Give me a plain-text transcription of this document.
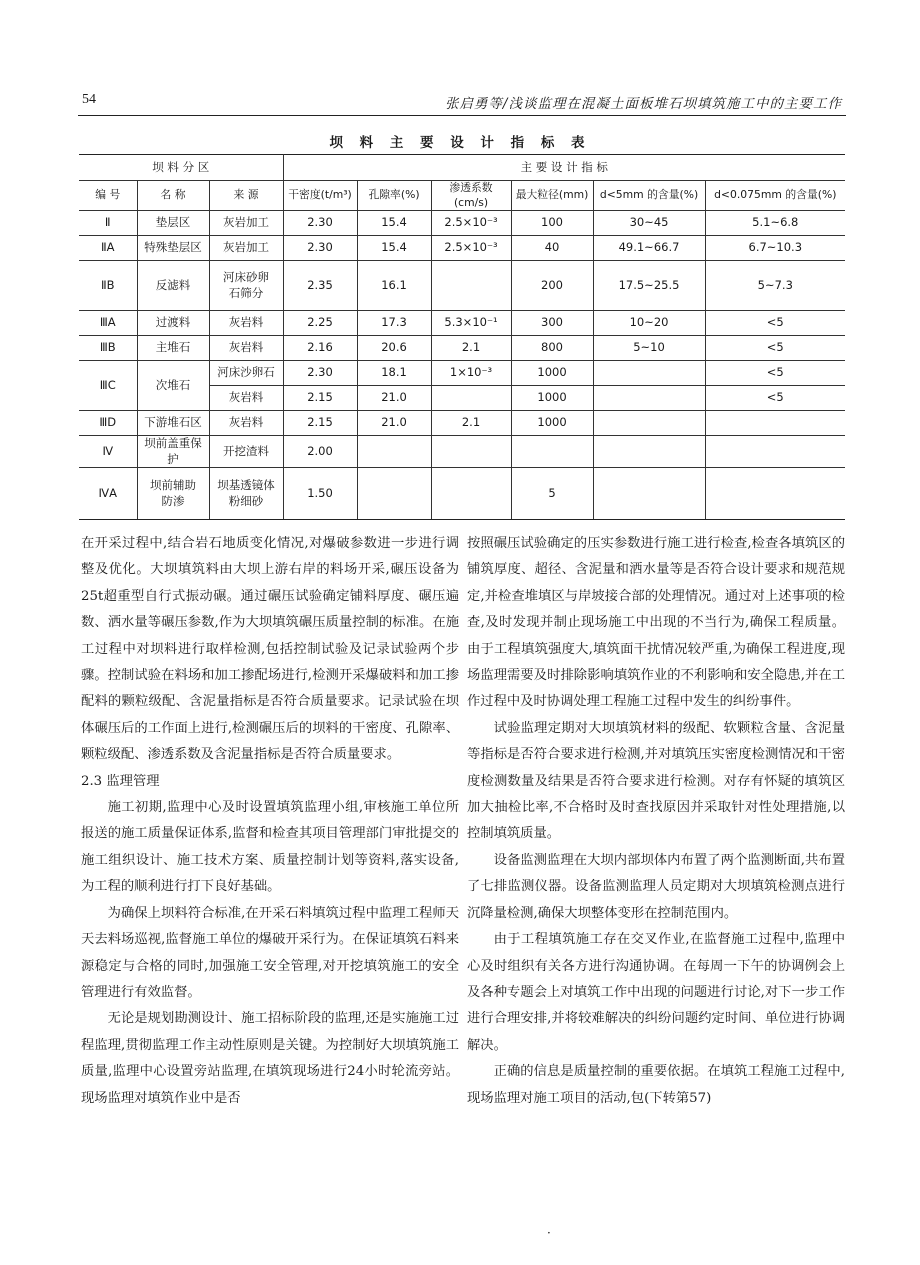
54	张启勇等/浅谈监理在混凝土面板堆石坝填筑施工中的主要工作
坝 料 主 要 设 计 指 标 表
坝 料 分 区			主 要 设 计 指 标					
编 号	名 称	来 源	干密度(t/m³)	孔隙率(%)	渗透系数(cm/s)	最大粒径(mm)	d<5mm 的含量(%)	d<0.075mm 的含量(%)
Ⅱ	垫层区	灰岩加工	2.30	15.4	2.5×10⁻³	100	30~45	5.1~6.8
ⅡA	特殊垫层区	灰岩加工	2.30	15.4	2.5×10⁻³	40	49.1~66.7	6.7~10.3
ⅡB	反滤料	河床砂卵石筛分	2.35	16.1		200	17.5~25.5	5~7.3
ⅢA	过渡料	灰岩料	2.25	17.3	5.3×10⁻¹	300	10~20	<5
ⅢB	主堆石	灰岩料	2.16	20.6	2.1	800	5~10	<5
ⅢC	次堆石	河床沙卵石	2.30	18.1	1×10⁻³	1000		<5
		灰岩料	2.15	21.0		1000		<5
ⅢD	下游堆石区	灰岩料	2.15	21.0	2.1	1000		
Ⅳ	坝前盖重保护	开挖渣料	2.00					
ⅣA	坝前辅助防渗	坝基透镜体粉细砂	1.50			5		

在开采过程中,结合岩石地质变化情况,对爆破参数进一步进行调整及优化。大坝填筑料由大坝上游右岸的料场开采,碾压设备为25t超重型自行式振动碾。通过碾压试验确定铺料厚度、碾压遍数、洒水量等碾压参数,作为大坝填筑碾压质量控制的标准。在施工过程中对坝料进行取样检测,包括控制试验及记录试验两个步骤。控制试验在料场和加工掺配场进行,检测开采爆破料和加工掺配料的颗粒级配、含泥量指标是否符合质量要求。记录试验在坝体碾压后的工作面上进行,检测碾压后的坝料的干密度、孔隙率、颗粒级配、渗透系数及含泥量指标是否符合质量要求。

2.3 监理管理

施工初期,监理中心及时设置填筑监理小组,审核施工单位所报送的施工质量保证体系,监督和检查其项目管理部门审批提交的施工组织设计、施工技术方案、质量控制计划等资料,落实设备,为工程的顺利进行打下良好基础。

为确保上坝料符合标准,在开采石料填筑过程中监理工程师天天去料场巡视,监督施工单位的爆破开采行为。在保证填筑石料来源稳定与合格的同时,加强施工安全管理,对开挖填筑施工的安全管理进行有效监督。

无论是规划勘测设计、施工招标阶段的监理,还是实施施工过程监理,贯彻监理工作主动性原则是关键。为控制好大坝填筑施工质量,监理中心设置旁站监理,在填筑现场进行24小时轮流旁站。现场监理对填筑作业中是否

按照碾压试验确定的压实参数进行施工进行检查,检查各填筑区的铺筑厚度、超径、含泥量和洒水量等是否符合设计要求和规范规定,并检查堆填区与岸坡接合部的处理情况。通过对上述事项的检查,及时发现并制止现场施工中出现的不当行为,确保工程质量。由于工程填筑强度大,填筑面干扰情况较严重,为确保工程进度,现场监理需要及时排除影响填筑作业的不利影响和安全隐患,并在工作过程中及时协调处理工程施工过程中发生的纠纷事件。

试验监理定期对大坝填筑材料的级配、软颗粒含量、含泥量等指标是否符合要求进行检测,并对填筑压实密度检测情况和干密度检测数量及结果是否符合要求进行检测。对存有怀疑的填筑区加大抽检比率,不合格时及时查找原因并采取针对性处理措施,以控制填筑质量。

设备监测监理在大坝内部坝体内布置了两个监测断面,共布置了七排监测仪器。设备监测监理人员定期对大坝填筑检测点进行沉降量检测,确保大坝整体变形在控制范围内。

由于工程填筑施工存在交叉作业,在监督施工过程中,监理中心及时组织有关各方进行沟通协调。在每周一下午的协调例会上及各种专题会上对填筑工作中出现的问题进行讨论,对下一步工作进行合理安排,并将较难解决的纠纷问题约定时间、单位进行协调解决。

正确的信息是质量控制的重要依据。在填筑工程施工过程中,现场监理对施工项目的活动,包(下转第57)

·
